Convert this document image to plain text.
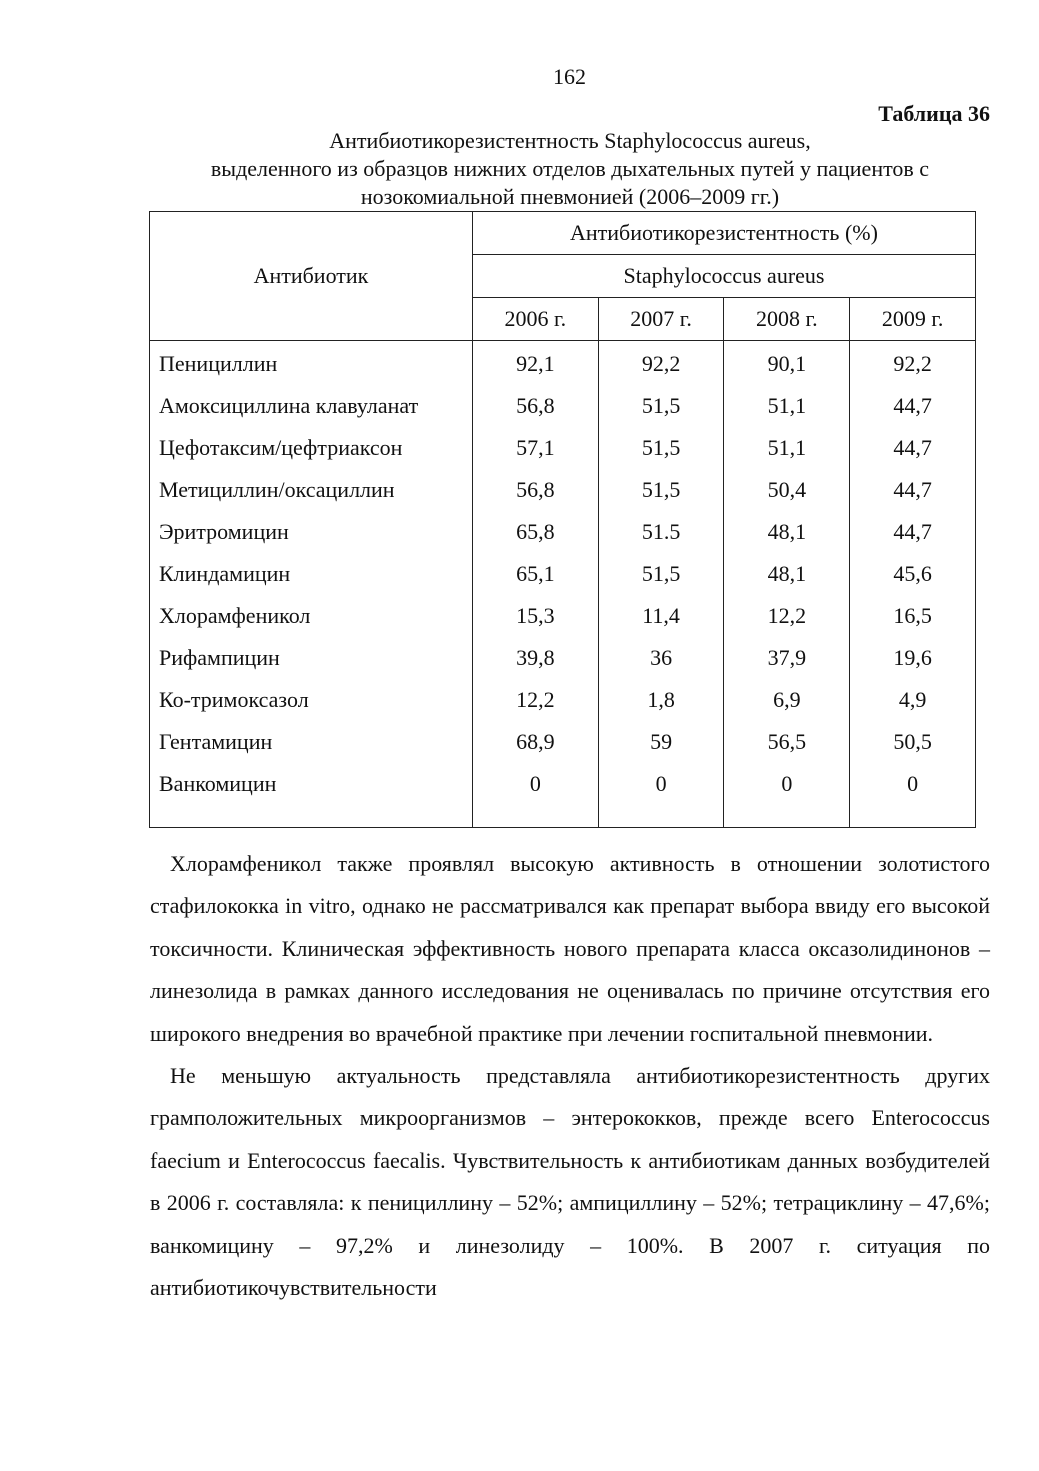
162
Таблица 36
Антибиотикорезистентность Staphylococcus aureus,
выделенного из образцов нижних отделов дыхательных путей у пациентов с
нозокомиальной пневмонией (2006–2009 гг.)
Антибиотик	Антибиотикорезистентность (%)			
	Staphylococcus aureus			
	2006 г.	2007 г.	2008 г.	2009 г.
Пенициллин	92,1	92,2	90,1	92,2
Амоксициллина клавуланат	56,8	51,5	51,1	44,7
Цефотаксим/цефтриаксон	57,1	51,5	51,1	44,7
Метициллин/оксациллин	56,8	51,5	50,4	44,7
Эритромицин	65,8	51.5	48,1	44,7
Клиндамицин	65,1	51,5	48,1	45,6
Хлорамфеникол	15,3	11,4	12,2	16,5
Рифампицин	39,8	36	37,9	19,6
Ко-тримоксазол	12,2	1,8	6,9	4,9
Гентамицин	68,9	59	56,5	50,5
Ванкомицин	0	0	0	0

Хлорамфеникол также проявлял высокую активность в отношении золотистого стафилококка in vitro, однако не рассматривался как препарат выбора ввиду его высокой токсичности. Клиническая эффективность нового препарата класса оксазолидинонов – линезолида в рамках данного исследования не оценивалась по причине отсутствия его широкого внедрения во врачебной практике при лечении госпитальной пневмонии.

Не меньшую актуальность представляла антибиотикорезистентность других грамположительных микроорганизмов – энтерококков, прежде всего Enterococcus faecium и Enterococcus faecalis. Чувствительность к антибиотикам данных возбудителей в 2006 г. составляла: к пенициллину – 52%; ампициллину – 52%; тетрациклину – 47,6%; ванкомицину – 97,2% и линезолиду – 100%. В 2007 г. ситуация по антибиотикочувствительности
